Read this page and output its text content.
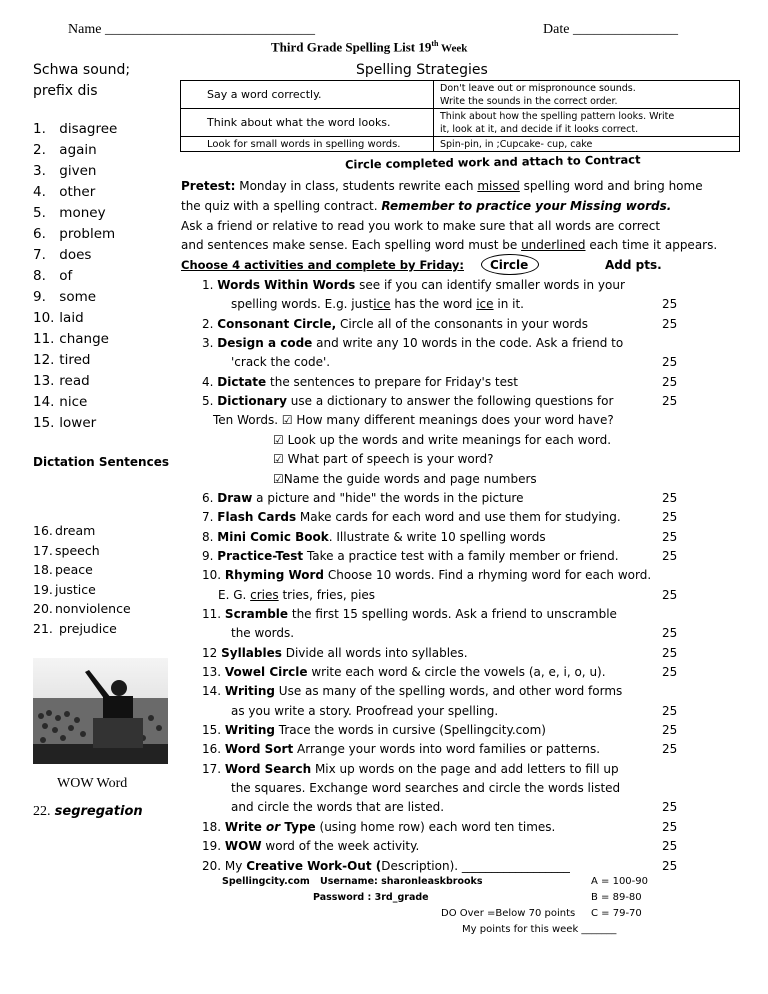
Name ______________________________	Date _______________
Third Grade Spelling List 19th Week
Schwa sound;
prefix dis
1. disagree
2. again
3. given
4. other
5. money
6. problem
7. does
8. of
9. some
10. laid
11. change
12. tired
13. read
14. nice
15. lower
Dictation Sentences
16. dream
17. speech
18. peace
19. justice
20. nonviolence
21. prejudice
WOW Word
22. segregation
Spelling Strategies
Say a word correctly.	Don't leave out or mispronounce sounds.
Write the sounds in the correct order.

Think about what the word looks.	Think about how the spelling pattern looks. Write
it, look at it, and decide if it looks correct.

Look for small words in spelling words.	Spin-pin, in ;Cupcake- cup, cake
Circle completed work and attach to Contract
Pretest: Monday in class, students rewrite each missed spelling word and bring home
the quiz with a spelling contract. Remember to practice your Missing words.
Ask a friend or relative to read you work to make sure that all words are correct
and sentences make sense. Each spelling word must be underlined each time it appears.
Choose 4 activities and complete by Friday: Circle	Add pts.
1. Words Within Words see if you can identify smaller words in your
spelling words. E.g. justice has the word ice in it.	25
2. Consonant Circle, Circle all of the consonants in your words	25
3. Design a code and write any 10 words in the code. Ask a friend to
'crack the code'.	25
4. Dictate the sentences to prepare for Friday's test	25
5. Dictionary use a dictionary to answer the following questions for	25
Ten Words. ☑ How many different meanings does your word have?
☑ Look up the words and write meanings for each word.
☑ What part of speech is your word?
☑Name the guide words and page numbers
6. Draw a picture and "hide" the words in the picture	25
7. Flash Cards Make cards for each word and use them for studying.	25
8. Mini Comic Book. Illustrate & write 10 spelling words	25
9. Practice-Test Take a practice test with a family member or friend.	25
10. Rhyming Word Choose 10 words. Find a rhyming word for each word.
E. G. cries tries, fries, pies	25
11. Scramble the first 15 spelling words. Ask a friend to unscramble
the words.	25
12 Syllables Divide all words into syllables.	25
13. Vowel Circle write each word & circle the vowels (a, e, i, o, u).	25
14. Writing Use as many of the spelling words, and other word forms
as you write a story. Proofread your spelling.	25
15. Writing Trace the words in cursive (Spellingcity.com)	25
16. Word Sort Arrange your words into word families or patterns.	25
17. Word Search Mix up words on the page and add letters to fill up
the squares. Exchange word searches and circle the words listed
and circle the words that are listed.	25
18. Write or Type (using home row) each word ten times.	25
19. WOW word of the week activity.	25
20. My Creative Work-Out (Description). __________________	25
Spellingcity.com Username: sharonleaskbrooks
Password : 3rd_grade
DO Over =Below 70 points
My points for this week _______
A = 100-90
B = 89-80
C = 79-70
